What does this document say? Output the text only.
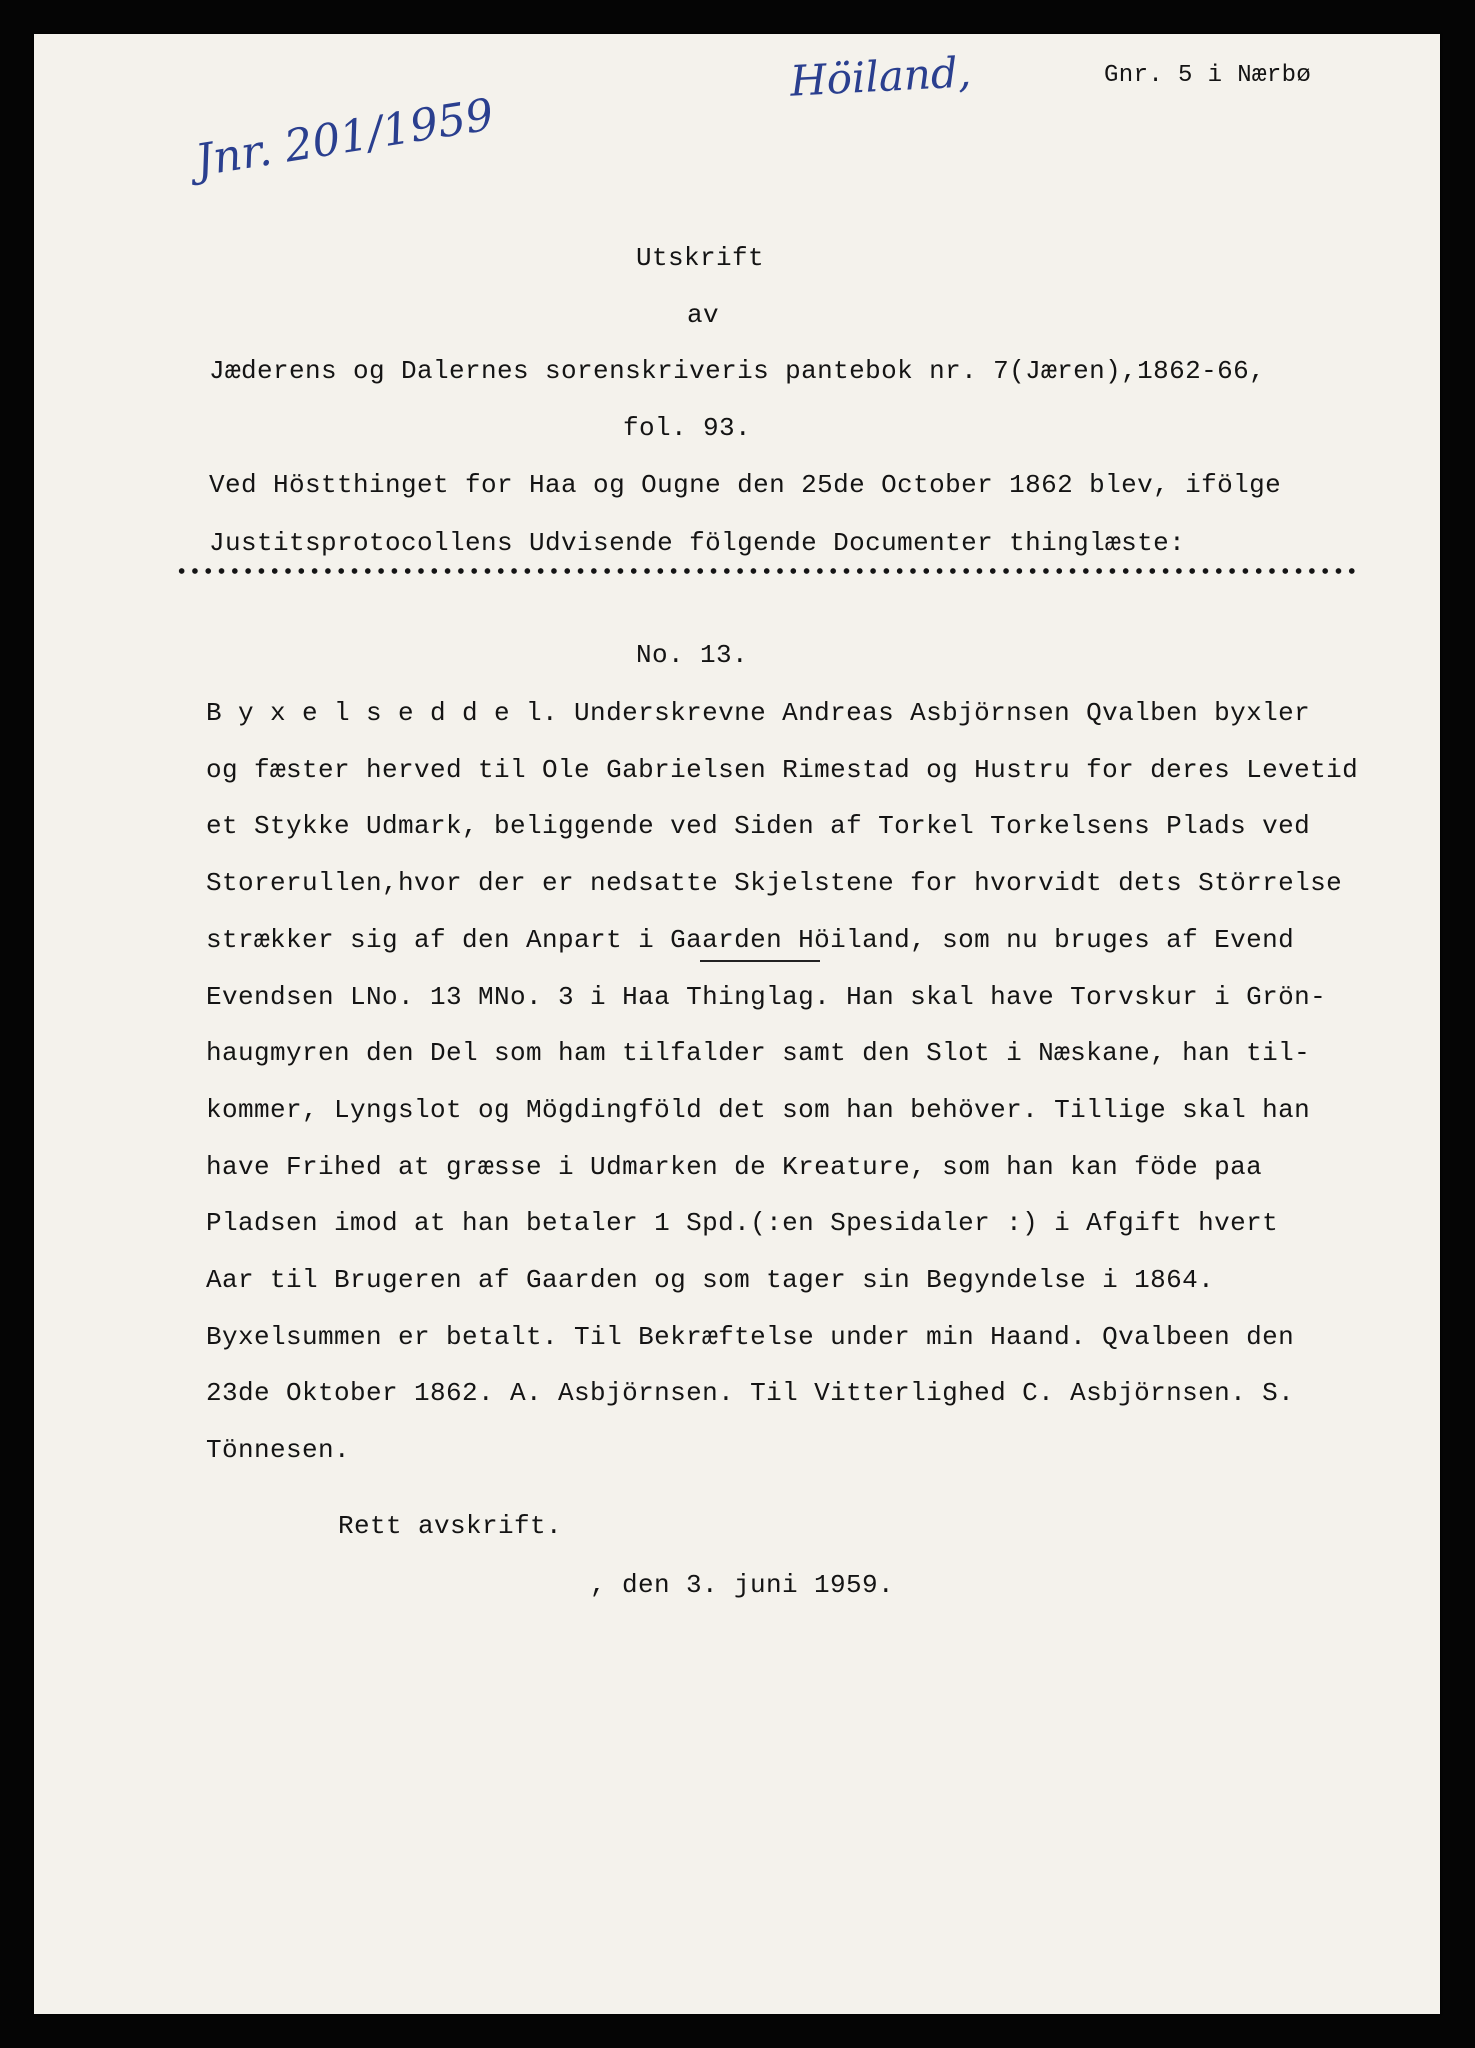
Höiland,	Gnr. 5 i Nærbø
Jnr. 201/1959
Utskrift
av
Jæderens og Dalernes sorenskriveris pantebok nr. 7(Jæren),1862-66,
fol. 93.
Ved Höstthinget for Haa og Ougne den 25de October 1862 blev, ifölge
Justitsprotocollens Udvisende fölgende Documenter thinglæste:
No. 13.
B y x e l s e d d e l. Underskrevne Andreas Asbjörnsen Qvalben byxler
og fæster herved til Ole Gabrielsen Rimestad og Hustru for deres Levetid
et Stykke Udmark, beliggende ved Siden af Torkel Torkelsens Plads ved
Storerullen,hvor der er nedsatte Skjelstene for hvorvidt dets Störrelse
strækker sig af den Anpart i Gaarden Höiland, som nu bruges af Evend
Evendsen LNo. 13 MNo. 3 i Haa Thinglag. Han skal have Torvskur i Grön-
haugmyren den Del som ham tilfalder samt den Slot i Næskane, han til-
kommer, Lyngslot og Mögdingföld det som han behöver. Tillige skal han
have Frihed at græsse i Udmarken de Kreature, som han kan föde paa
Pladsen imod at han betaler 1 Spd.(:en Spesidaler :) i Afgift hvert
Aar til Brugeren af Gaarden og som tager sin Begyndelse i 1864.
Byxelsummen er betalt. Til Bekræftelse under min Haand. Qvalbeen den
23de Oktober 1862. A. Asbjörnsen. Til Vitterlighed C. Asbjörnsen. S.
Tönnesen.
Rett avskrift.
, den 3. juni 1959.
